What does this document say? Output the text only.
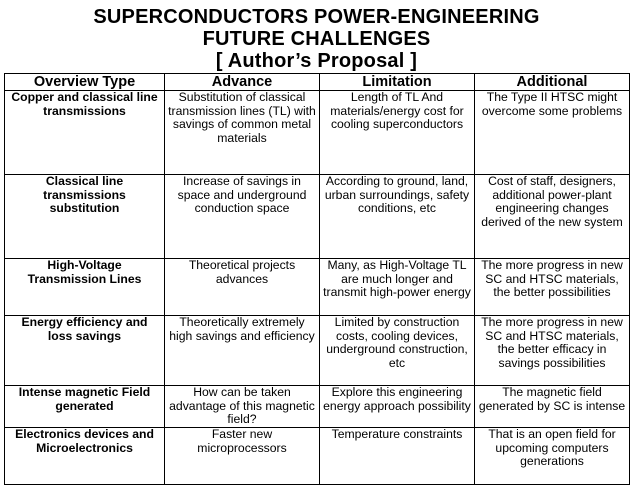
SUPERCONDUCTORS POWER-ENGINEERING
FUTURE CHALLENGES
[ Author’s Proposal ]
Overview Type	Advance	Limitation	Additional
Copper and classical line transmissions	Substitution of classical transmission lines (TL) with savings of common metal materials	Length of TL And materials/energy cost for cooling superconductors	The Type II HTSC might overcome some problems
Classical line transmissions substitution	Increase of savings in space and underground conduction space	According to ground, land, urban surroundings, safety conditions, etc	Cost of staff, designers, additional power-plant engineering changes derived of the new system
High-Voltage Transmission Lines	Theoretical projects advances	Many, as High-Voltage TL are much longer and transmit high-power energy	The more progress in new SC and HTSC materials, the better possibilities
Energy efficiency and loss savings	Theoretically extremely high savings and efficiency	Limited by construction costs, cooling devices, underground construction, etc	The more progress in new SC and HTSC materials, the better efficacy in savings possibilities
Intense magnetic Field generated	How can be taken advantage of this magnetic field?	Explore this engineering energy approach possibility	The magnetic field generated by SC is intense
Electronics devices and Microelectronics	Faster new microprocessors	Temperature constraints	That is an open field for upcoming computers generations
